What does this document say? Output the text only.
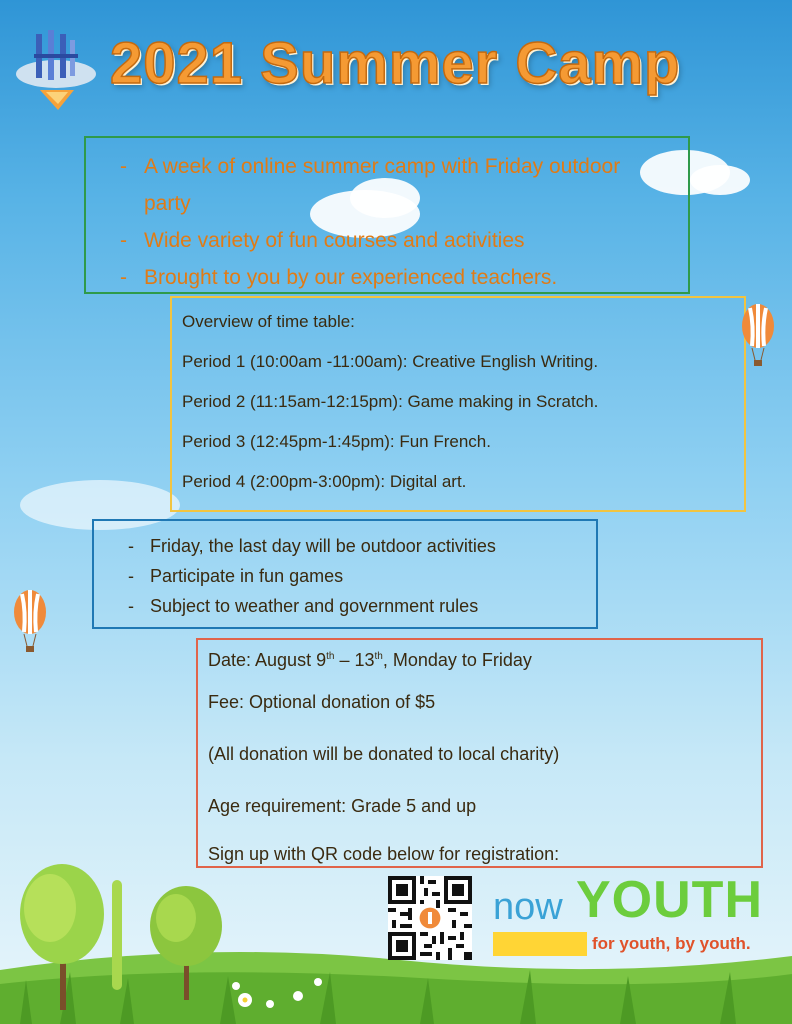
2021 Summer Camp
- A week of online summer camp with Friday outdoor party
- Wide variety of fun courses and activities
- Brought to you by our experienced teachers.
Overview of time table:
Period 1 (10:00am -11:00am): Creative English Writing.
Period 2 (11:15am-12:15pm): Game making in Scratch.
Period 3 (12:45pm-1:45pm): Fun French.
Period 4 (2:00pm-3:00pm): Digital art.
- Friday, the last day will be outdoor activities
- Participate in fun games
- Subject to weather and government rules
Date: August 9th – 13th, Monday to Friday
Fee: Optional donation of $5
(All donation will be donated to local charity)
Age requirement: Grade 5 and up
Sign up with QR code below for registration:
now YOUTH
for youth, by youth.
